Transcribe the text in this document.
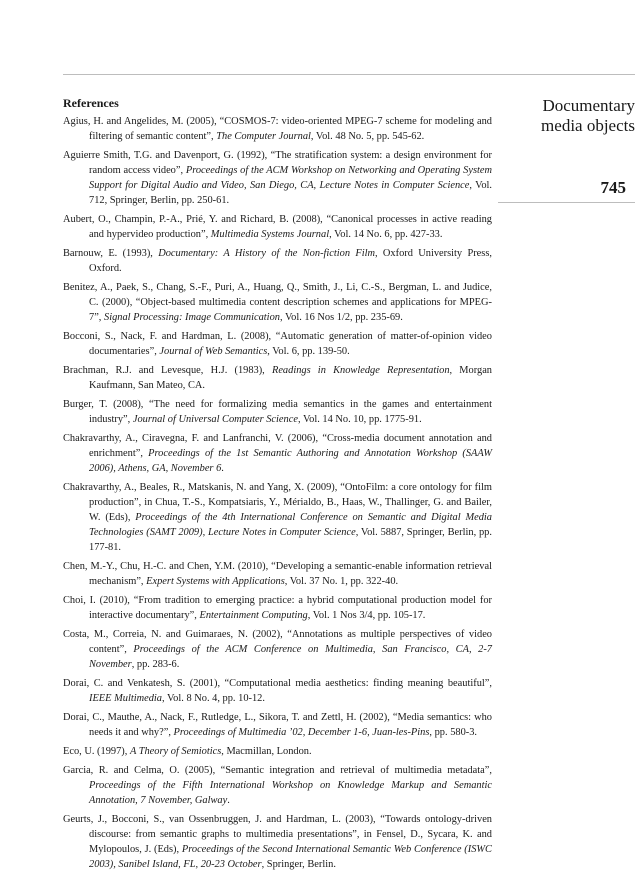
References
Agius, H. and Angelides, M. (2005), “COSMOS-7: video-oriented MPEG-7 scheme for modeling and filtering of semantic content”, The Computer Journal, Vol. 48 No. 5, pp. 545-62.
Aguierre Smith, T.G. and Davenport, G. (1992), “The stratification system: a design environment for random access video”, Proceedings of the ACM Workshop on Networking and Operating System Support for Digital Audio and Video, San Diego, CA, Lecture Notes in Computer Science, Vol. 712, Springer, Berlin, pp. 250-61.
Aubert, O., Champin, P.-A., Prié, Y. and Richard, B. (2008), “Canonical processes in active reading and hypervideo production”, Multimedia Systems Journal, Vol. 14 No. 6, pp. 427-33.
Barnouw, E. (1993), Documentary: A History of the Non-fiction Film, Oxford University Press, Oxford.
Benitez, A., Paek, S., Chang, S.-F., Puri, A., Huang, Q., Smith, J., Li, C.-S., Bergman, L. and Judice, C. (2000), “Object-based multimedia content description schemes and applications for MPEG-7”, Signal Processing: Image Communication, Vol. 16 Nos 1/2, pp. 235-69.
Bocconi, S., Nack, F. and Hardman, L. (2008), “Automatic generation of matter-of-opinion video documentaries”, Journal of Web Semantics, Vol. 6, pp. 139-50.
Brachman, R.J. and Levesque, H.J. (1983), Readings in Knowledge Representation, Morgan Kaufmann, San Mateo, CA.
Burger, T. (2008), “The need for formalizing media semantics in the games and entertainment industry”, Journal of Universal Computer Science, Vol. 14 No. 10, pp. 1775-91.
Chakravarthy, A., Ciravegna, F. and Lanfranchi, V. (2006), “Cross-media document annotation and enrichment”, Proceedings of the 1st Semantic Authoring and Annotation Workshop (SAAW 2006), Athens, GA, November 6.
Chakravarthy, A., Beales, R., Matskanis, N. and Yang, X. (2009), “OntoFilm: a core ontology for film production”, in Chua, T.-S., Kompatsiaris, Y., Mérialdo, B., Haas, W., Thallinger, G. and Bailer, W. (Eds), Proceedings of the 4th International Conference on Semantic and Digital Media Technologies (SAMT 2009), Lecture Notes in Computer Science, Vol. 5887, Springer, Berlin, pp. 177-81.
Chen, M.-Y., Chu, H.-C. and Chen, Y.M. (2010), “Developing a semantic-enable information retrieval mechanism”, Expert Systems with Applications, Vol. 37 No. 1, pp. 322-40.
Choi, I. (2010), “From tradition to emerging practice: a hybrid computational production model for interactive documentary”, Entertainment Computing, Vol. 1 Nos 3/4, pp. 105-17.
Costa, M., Correia, N. and Guimaraes, N. (2002), “Annotations as multiple perspectives of video content”, Proceedings of the ACM Conference on Multimedia, San Francisco, CA, 2-7 November, pp. 283-6.
Dorai, C. and Venkatesh, S. (2001), “Computational media aesthetics: finding meaning beautiful”, IEEE Multimedia, Vol. 8 No. 4, pp. 10-12.
Dorai, C., Mauthe, A., Nack, F., Rutledge, L., Sikora, T. and Zettl, H. (2002), “Media semantics: who needs it and why?”, Proceedings of Multimedia ’02, December 1-6, Juan-les-Pins, pp. 580-3.
Eco, U. (1997), A Theory of Semiotics, Macmillan, London.
Garcia, R. and Celma, O. (2005), “Semantic integration and retrieval of multimedia metadata”, Proceedings of the Fifth International Workshop on Knowledge Markup and Semantic Annotation, 7 November, Galway.
Geurts, J., Bocconi, S., van Ossenbruggen, J. and Hardman, L. (2003), “Towards ontology-driven discourse: from semantic graphs to multimedia presentations”, in Fensel, D., Sycara, K. and Mylopoulos, J. (Eds), Proceedings of the Second International Semantic Web Conference (ISWC 2003), Sanibel Island, FL, 20-23 October, Springer, Berlin.
Documentary
media objects
745
